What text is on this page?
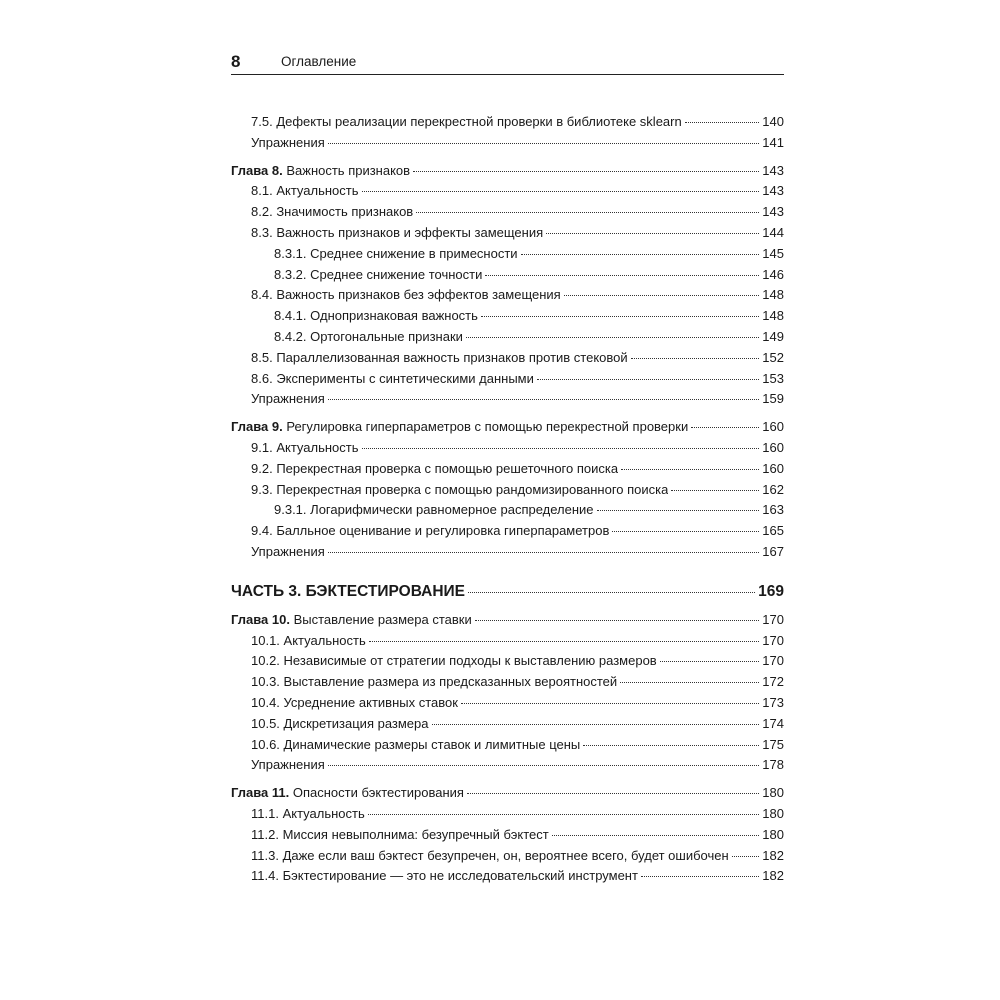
8	Оглавление
7.5. Дефекты реализации перекрестной проверки в библиотеке sklearn	140
Упражнения	141
Глава 8. Важность признаков	143
8.1. Актуальность	143
8.2. Значимость признаков	143
8.3. Важность признаков и эффекты замещения	144
8.3.1. Среднее снижение в примесности	145
8.3.2. Среднее снижение точности	146
8.4. Важность признаков без эффектов замещения	148
8.4.1. Однопризнаковая важность	148
8.4.2. Ортогональные признаки	149
8.5. Параллелизованная важность признаков против стековой	152
8.6. Эксперименты с синтетическими данными	153
Упражнения	159
Глава 9. Регулировка гиперпараметров с помощью перекрестной проверки	160
9.1. Актуальность	160
9.2. Перекрестная проверка с помощью решеточного поиска	160
9.3. Перекрестная проверка с помощью рандомизированного поиска	162
9.3.1. Логарифмически равномерное распределение	163
9.4. Балльное оценивание и регулировка гиперпараметров	165
Упражнения	167
ЧАСТЬ 3. БЭКТЕСТИРОВАНИЕ	169
Глава 10. Выставление размера ставки	170
10.1. Актуальность	170
10.2. Независимые от стратегии подходы к выставлению размеров	170
10.3. Выставление размера из предсказанных вероятностей	172
10.4. Усреднение активных ставок	173
10.5. Дискретизация размера	174
10.6. Динамические размеры ставок и лимитные цены	175
Упражнения	178
Глава 11. Опасности бэктестирования	180
11.1. Актуальность	180
11.2. Миссия невыполнима: безупречный бэктест	180
11.3. Даже если ваш бэктест безупречен, он, вероятнее всего, будет ошибочен	182
11.4. Бэктестирование — это не исследовательский инструмент	182
